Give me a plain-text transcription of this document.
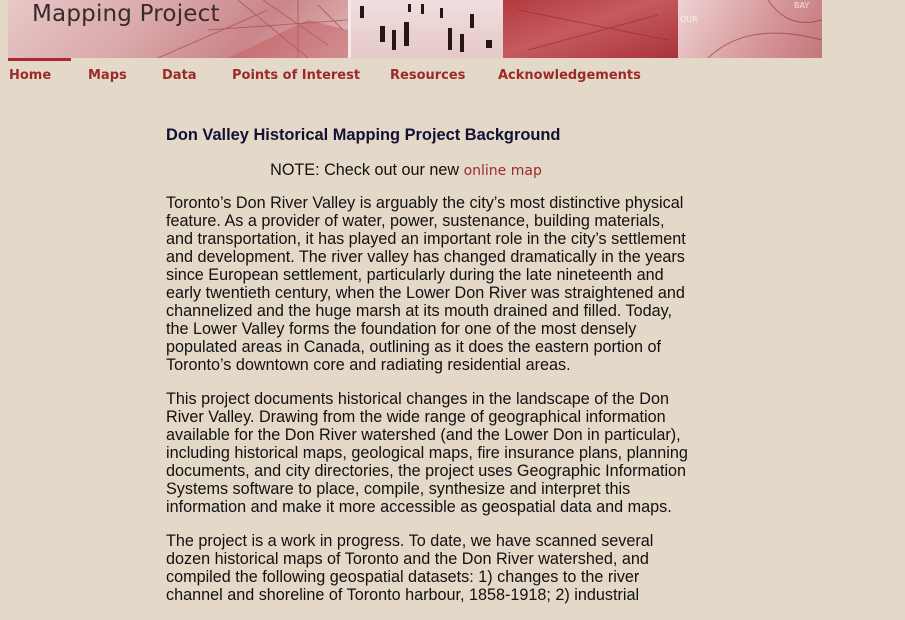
OUR
BAY
Mapping Project
Home	Maps	Data	Points of Interest Resources	Acknowledgements
Don Valley Historical Mapping Project Background

NOTE: Check out our new online map

Toronto’s Don River Valley is arguably the city’s most distinctive physical feature. As a provider of water, power, sustenance, building materials, and transportation, it has played an important role in the city’s settlement and development. The river valley has changed dramatically in the years since European settlement, particularly during the late nineteenth and early twentieth century, when the Lower Don River was straightened and channelized and the huge marsh at its mouth drained and filled. Today, the Lower Valley forms the foundation for one of the most densely populated areas in Canada, outlining as it does the eastern portion of Toronto’s downtown core and radiating residential areas.

This project documents historical changes in the landscape of the Don River Valley. Drawing from the wide range of geographical information available for the Don River watershed (and the Lower Don in particular), including historical maps, geological maps, fire insurance plans, planning documents, and city directories, the project uses Geographic Information Systems software to place, compile, synthesize and interpret this information and make it more accessible as geospatial data and maps.

The project is a work in progress. To date, we have scanned several dozen historical maps of Toronto and the Don River watershed, and compiled the following geospatial datasets: 1) changes to the river channel and shoreline of Toronto harbour, 1858-1918; 2) industrial
